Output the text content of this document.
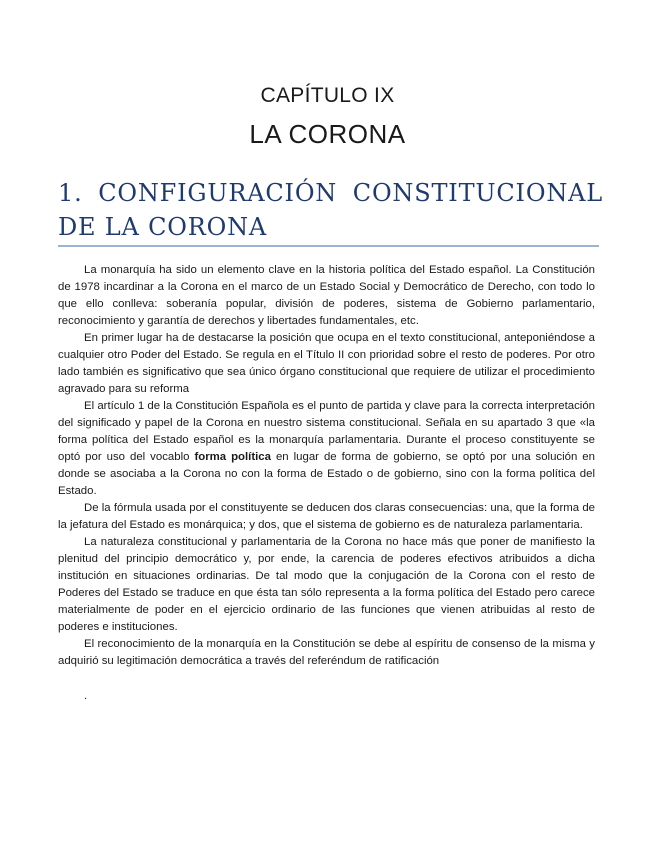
CAPÍTULO IX
LA CORONA
1. CONFIGURACIÓN CONSTITUCIONAL DE LA CORONA

La monarquía ha sido un elemento clave en la historia política del Estado español. La Constitución de 1978 incardinar a la Corona en el marco de un Estado Social y Democrático de Derecho, con todo lo que ello conlleva: soberanía popular, división de poderes, sistema de Gobierno parlamentario, reconocimiento y garantía de derechos y libertades fundamentales, etc.

En primer lugar ha de destacarse la posición que ocupa en el texto constitucional, anteponiéndose a cualquier otro Poder del Estado. Se regula en el Título II con prioridad sobre el resto de poderes. Por otro lado también es significativo que sea único órgano constitucional que requiere de utilizar el procedimiento agravado para su reforma

El artículo 1 de la Constitución Española es el punto de partida y clave para la correcta interpretación del significado y papel de la Corona en nuestro sistema constitucional. Señala en su apartado 3 que «la forma política del Estado español es la monarquía parlamentaria. Durante el proceso constituyente se optó por uso del vocablo forma política en lugar de forma de gobierno, se optó por una solución en donde se asociaba a la Corona no con la forma de Estado o de gobierno, sino con la forma política del Estado.

De la fórmula usada por el constituyente se deducen dos claras consecuencias: una, que la forma de la jefatura del Estado es monárquica; y dos, que el sistema de gobierno es de naturaleza parlamentaria.

La naturaleza constitucional y parlamentaria de la Corona no hace más que poner de manifiesto la plenitud del principio democrático y, por ende, la carencia de poderes efectivos atribuidos a dicha institución en situaciones ordinarias. De tal modo que la conjugación de la Corona con el resto de Poderes del Estado se traduce en que ésta tan sólo representa a la forma política del Estado pero carece materialmente de poder en el ejercicio ordinario de las funciones que vienen atribuidas al resto de poderes e instituciones.

El reconocimiento de la monarquía en la Constitución se debe al espíritu de consenso de la misma y adquirió su legitimación democrática a través del referéndum de ratificación

.
